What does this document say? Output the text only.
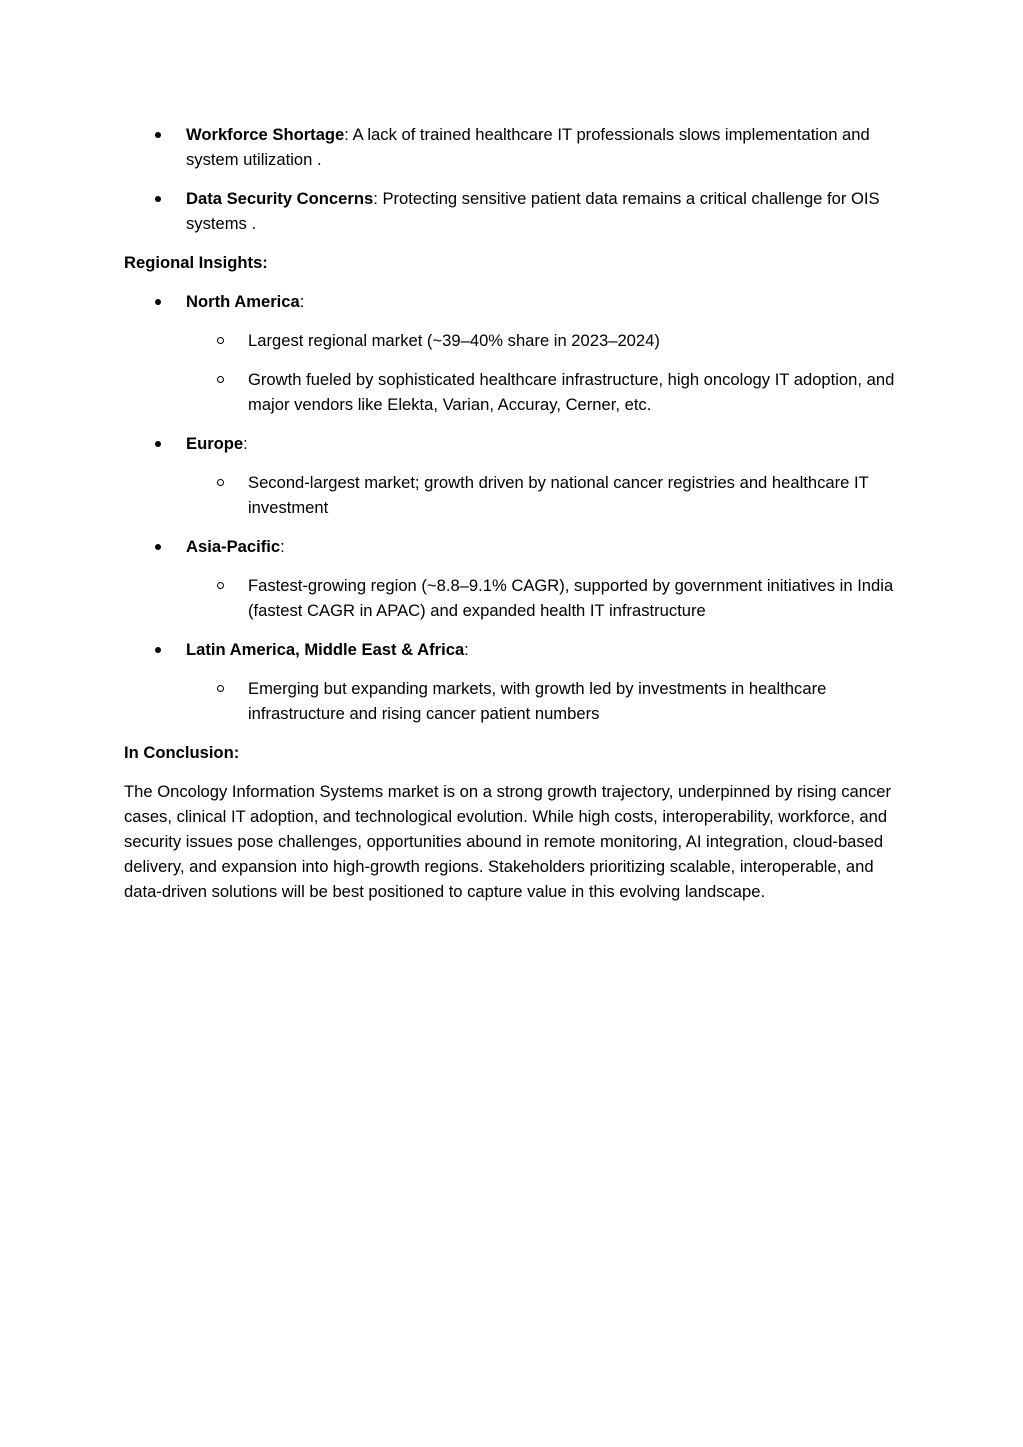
Workforce Shortage: A lack of trained healthcare IT professionals slows implementation and system utilization .
Data Security Concerns: Protecting sensitive patient data remains a critical challenge for OIS systems .
Regional Insights:
North America:
Largest regional market (~39–40% share in 2023–2024)
Growth fueled by sophisticated healthcare infrastructure, high oncology IT adoption, and major vendors like Elekta, Varian, Accuray, Cerner, etc.
Europe:
Second-largest market; growth driven by national cancer registries and healthcare IT investment
Asia-Pacific:
Fastest-growing region (~8.8–9.1% CAGR), supported by government initiatives in India (fastest CAGR in APAC) and expanded health IT infrastructure
Latin America, Middle East & Africa:
Emerging but expanding markets, with growth led by investments in healthcare infrastructure and rising cancer patient numbers
In Conclusion:

The Oncology Information Systems market is on a strong growth trajectory, underpinned by rising cancer cases, clinical IT adoption, and technological evolution. While high costs, interoperability, workforce, and security issues pose challenges, opportunities abound in remote monitoring, AI integration, cloud-based delivery, and expansion into high-growth regions. Stakeholders prioritizing scalable, interoperable, and data-driven solutions will be best positioned to capture value in this evolving landscape.
